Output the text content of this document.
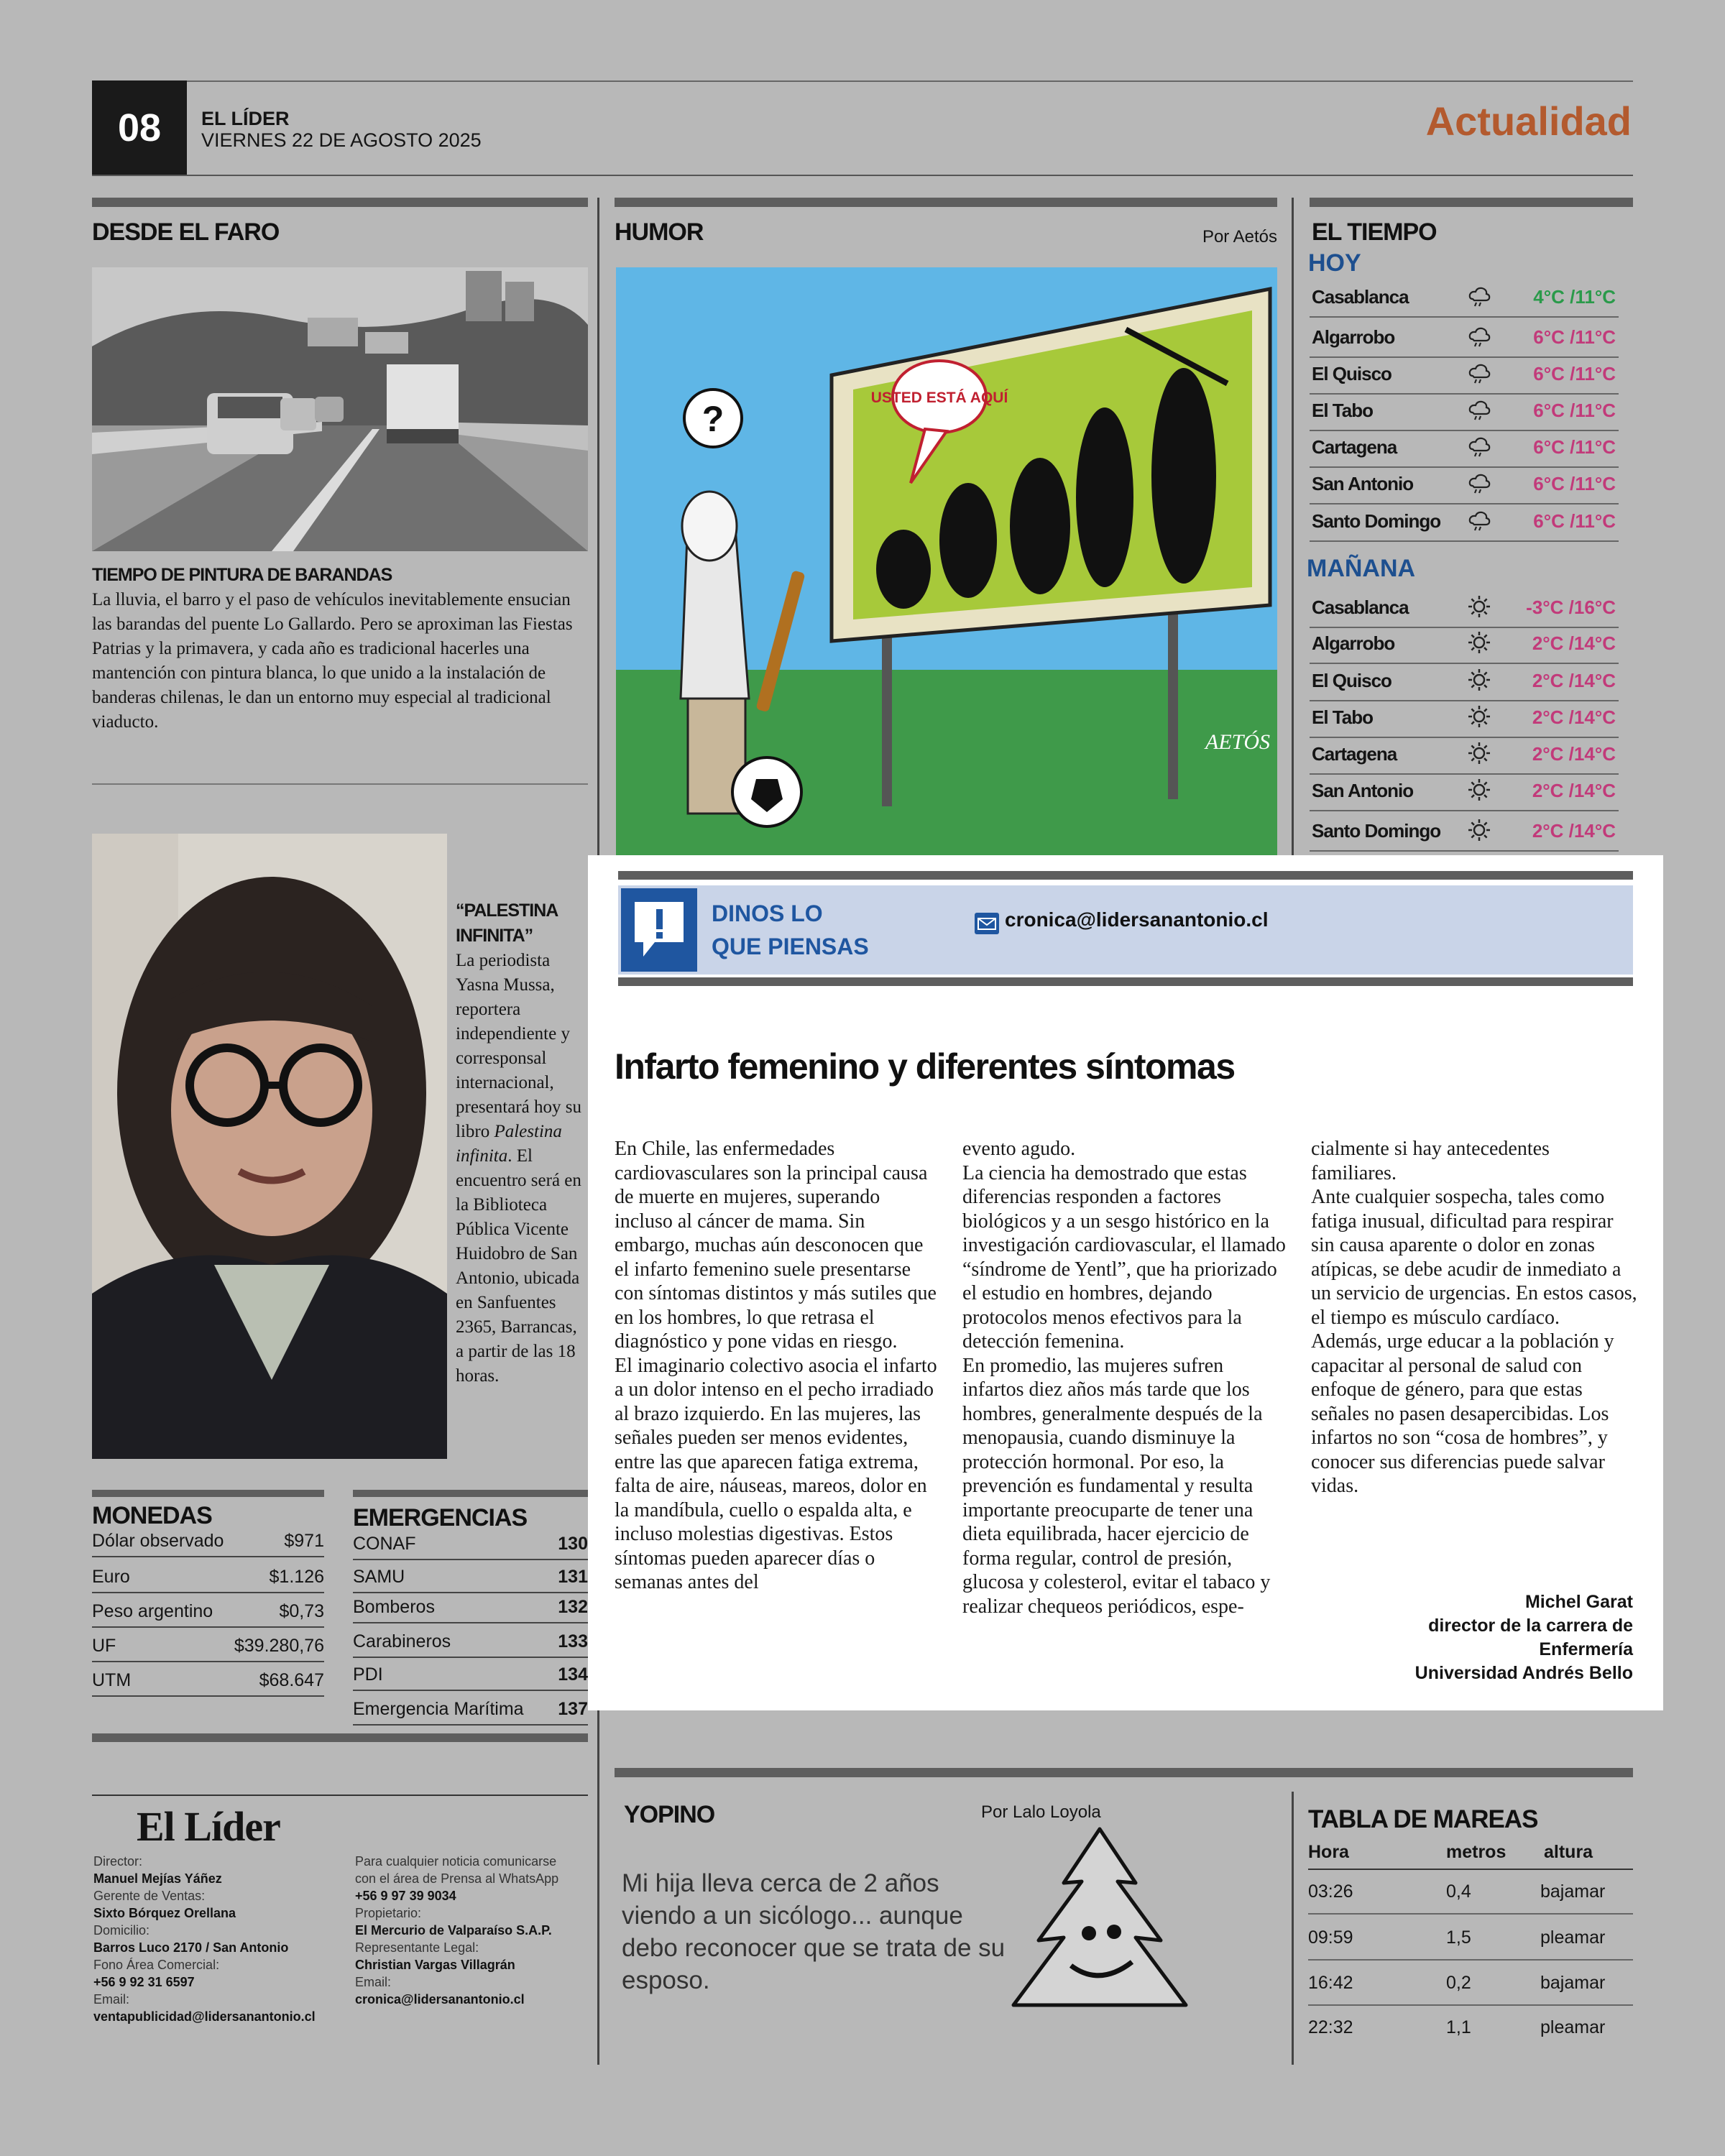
08	EL LÍDER
VIERNES 22 DE AGOSTO 2025	Actualidad
DESDE EL FARO
TIEMPO DE PINTURA DE BARANDAS
La lluvia, el barro y el paso de vehículos inevitablemente ensucian las barandas del puente Lo Gallardo. Pero se aproximan las Fiestas Patrias y la primavera, y cada año es tradicional hacerles una mantención con pintura blanca, lo que unido a la instalación de banderas chilenas, le dan un entorno muy especial al tradicional viaducto.
“PALESTINA INFINITA”
La periodista Yasna Mussa, reportera independiente y corresponsal internacional, presentará hoy su libro Palestina infinita. El encuentro será en la Biblioteca Pública Vicente Huidobro de San Antonio, ubicada en Sanfuentes 2365, Barrancas, a partir de las 18 horas.
MONEDAS
Dólar observado	$971
Euro	$1.126
Peso argentino	$0,73
UF	$39.280,76
UTM	$68.647
EMERGENCIAS
CONAF	130
SAMU	131
Bomberos	132
Carabineros	133
PDI	134
Emergencia Marítima 137
HUMOR	Por Aetós
USTED ESTÁ AQUÍ
?
AETÓS
EL TIEMPO
HOY
Casablanca	4°C /11°C
Algarrobo	6°C /11°C
El Quisco	6°C /11°C
El Tabo	6°C /11°C
Cartagena	6°C /11°C
San Antonio	6°C /11°C
Santo Domingo	6°C /11°C
MAÑANA
Casablanca	-3°C /16°C
Algarrobo	2°C /14°C
El Quisco	2°C /14°C
El Tabo	2°C /14°C
Cartagena	2°C /14°C
San Antonio	2°C /14°C
Santo Domingo	2°C /14°C
DINOS LO
QUE PIENSAS
cronica@lidersanantonio.cl
Infarto femenino y diferentes síntomas

En Chile, las enfermedades cardiovasculares son la principal causa de muerte en mujeres, superando incluso al cáncer de mama. Sin embargo, muchas aún desconocen que el infarto femenino suele presentarse con síntomas distintos y más sutiles que en los hombres, lo que retrasa el diagnóstico y pone vidas en riesgo.

El imaginario colectivo asocia el infarto a un dolor intenso en el pecho irradiado al brazo izquierdo. En las mujeres, las señales pueden ser menos evidentes, entre las que aparecen fatiga extrema, falta de aire, náuseas, mareos, dolor en la mandíbula, cuello o espalda alta, e incluso molestias digestivas. Estos síntomas pueden aparecer días o semanas antes del

evento agudo.

La ciencia ha demostrado que estas diferencias responden a factores biológicos y a un sesgo histórico en la investigación cardiovascular, el llamado “síndrome de Yentl”, que ha priorizado el estudio en hombres, dejando protocolos menos efectivos para la detección femenina.

En promedio, las mujeres sufren infartos diez años más tarde que los hombres, generalmente después de la menopausia, cuando disminuye la protección hormonal. Por eso, la prevención es fundamental y resulta importante preocuparte de tener una dieta equilibrada, hacer ejercicio de forma regular, control de presión, glucosa y colesterol, evitar el tabaco y realizar chequeos periódicos, espe-

cialmente si hay antecedentes familiares.

Ante cualquier sospecha, tales como fatiga inusual, dificultad para respirar sin causa aparente o dolor en zonas atípicas, se debe acudir de inmediato a un servicio de urgencias. En estos casos, el tiempo es músculo cardíaco.

Además, urge educar a la población y capacitar al personal de salud con enfoque de género, para que estas señales no pasen desapercibidas. Los infartos no son “cosa de hombres”, y conocer sus diferencias puede salvar vidas.

Michel Garat
director de la carrera de
Enfermería
Universidad Andrés Bello
El Líder
Director:
Manuel Mejías Yáñez
Gerente de Ventas:
Sixto Bórquez Orellana
Domicilio:
Barros Luco 2170 / San Antonio
Fono Área Comercial:
+56 9 92 31 6597
Email:
ventapublicidad@lidersanantonio.cl
Para cualquier noticia comunicarse
con el área de Prensa al WhatsApp
+56 9 97 39 9034
Propietario:
El Mercurio de Valparaíso S.A.P.
Representante Legal:
Christian Vargas Villagrán
Email:
cronica@lidersanantonio.cl
YOPINO	Por Lalo Loyola
Mi hija lleva cerca de 2 años viendo a un sicólogo... aunque debo reconocer que se trata de su esposo.
TABLA DE MAREAS
Hora	metros altura
03:26	0,4	bajamar
09:59	1,5	pleamar
16:42	0,2	bajamar
22:32	1,1	pleamar
